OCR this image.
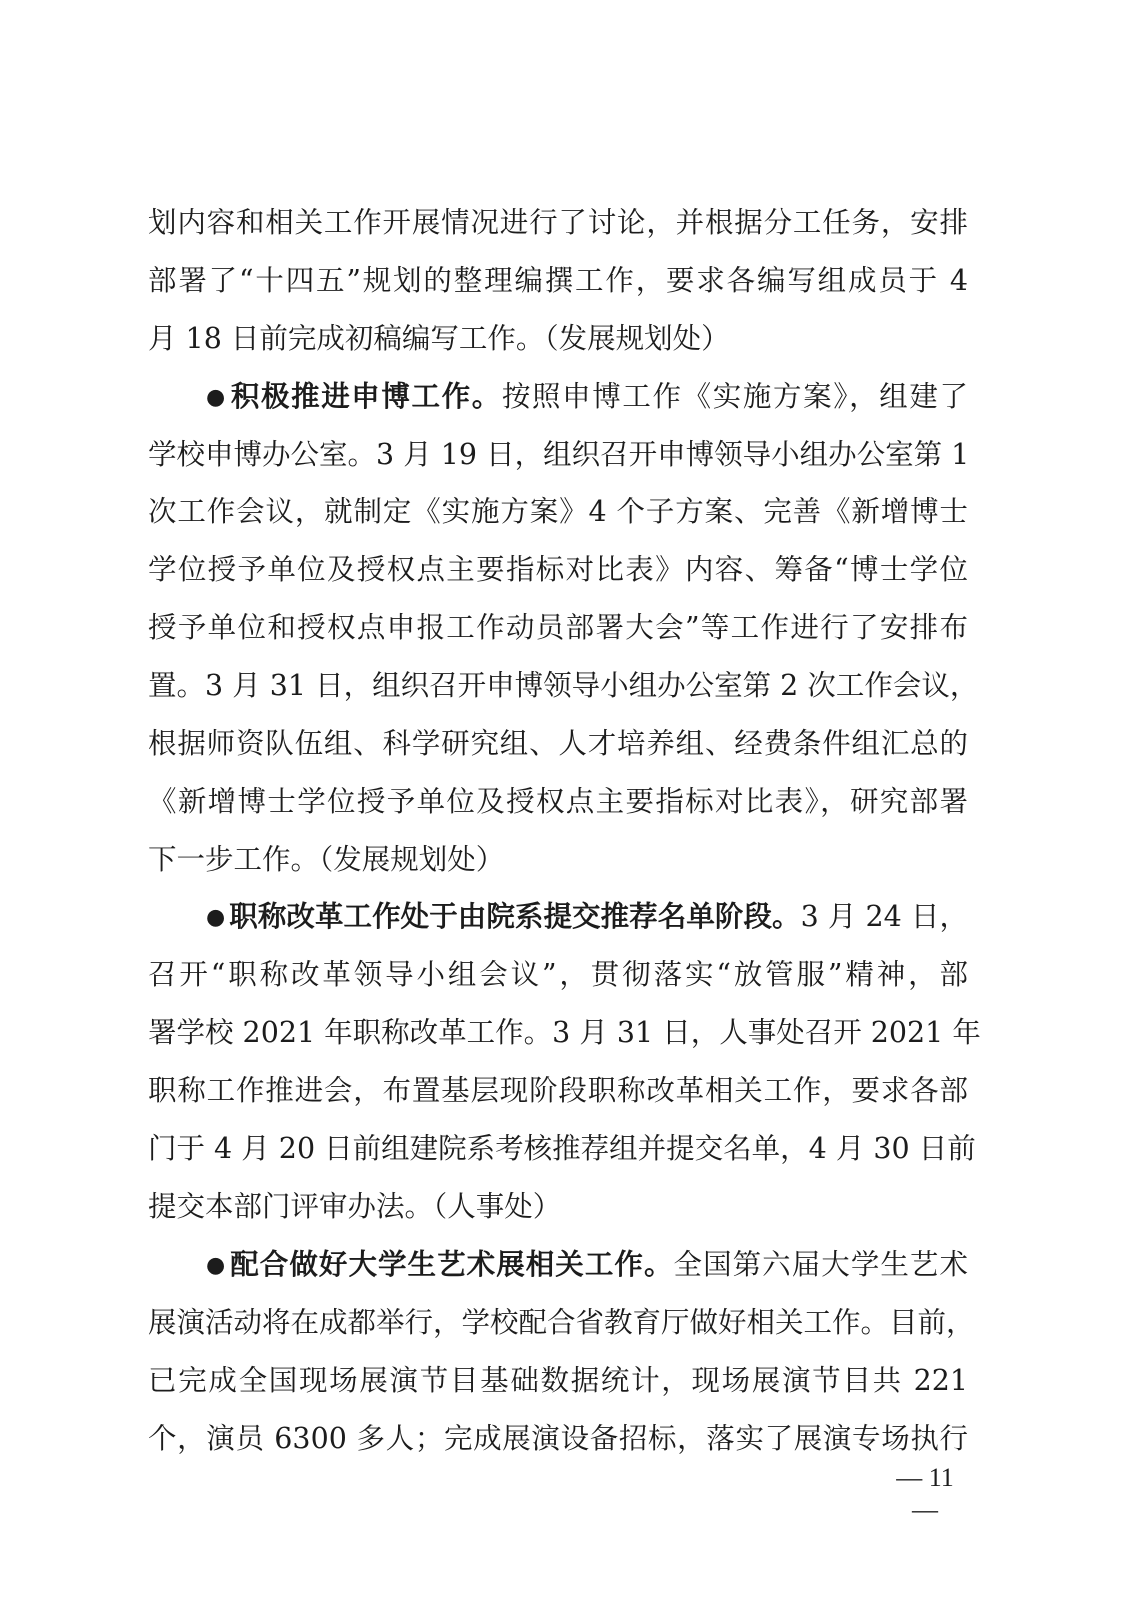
划内容和相关工作开展情况进行了讨论，并根据分工任务，安排
部署了“十四五”规划的整理编撰工作，要求各编写组成员于 4
月 18 日前完成初稿编写工作。（发展规划处）
● 积极推进申博工作。按照申博工作《实施方案》，组建了
学校申博办公室。3 月 19 日，组织召开申博领导小组办公室第 1
次工作会议，就制定《实施方案》4 个子方案、完善《新增博士
学位授予单位及授权点主要指标对比表》内容、筹备“博士学位
授予单位和授权点申报工作动员部署大会”等工作进行了安排布
置。3 月 31 日，组织召开申博领导小组办公室第 2 次工作会议，
根据师资队伍组、科学研究组、人才培养组、经费条件组汇总的
《新增博士学位授予单位及授权点主要指标对比表》，研究部署
下一步工作。（发展规划处）
● 职称改革工作处于由院系提交推荐名单阶段。3 月 24 日，
召开“职称改革领导小组会议”，贯彻落实“放管服”精神，部
署学校 2021 年职称改革工作。3 月 31 日，人事处召开 2021 年
职称工作推进会，布置基层现阶段职称改革相关工作，要求各部
门于 4 月 20 日前组建院系考核推荐组并提交名单，4 月 30 日前
提交本部门评审办法。（人事处）
● 配合做好大学生艺术展相关工作。全国第六届大学生艺术
展演活动将在成都举行，学校配合省教育厅做好相关工作。目前，
已完成全国现场展演节目基础数据统计，现场展演节目共 221
个，演员 6300 多人；完成展演设备招标，落实了展演专场执行
— 11 —
